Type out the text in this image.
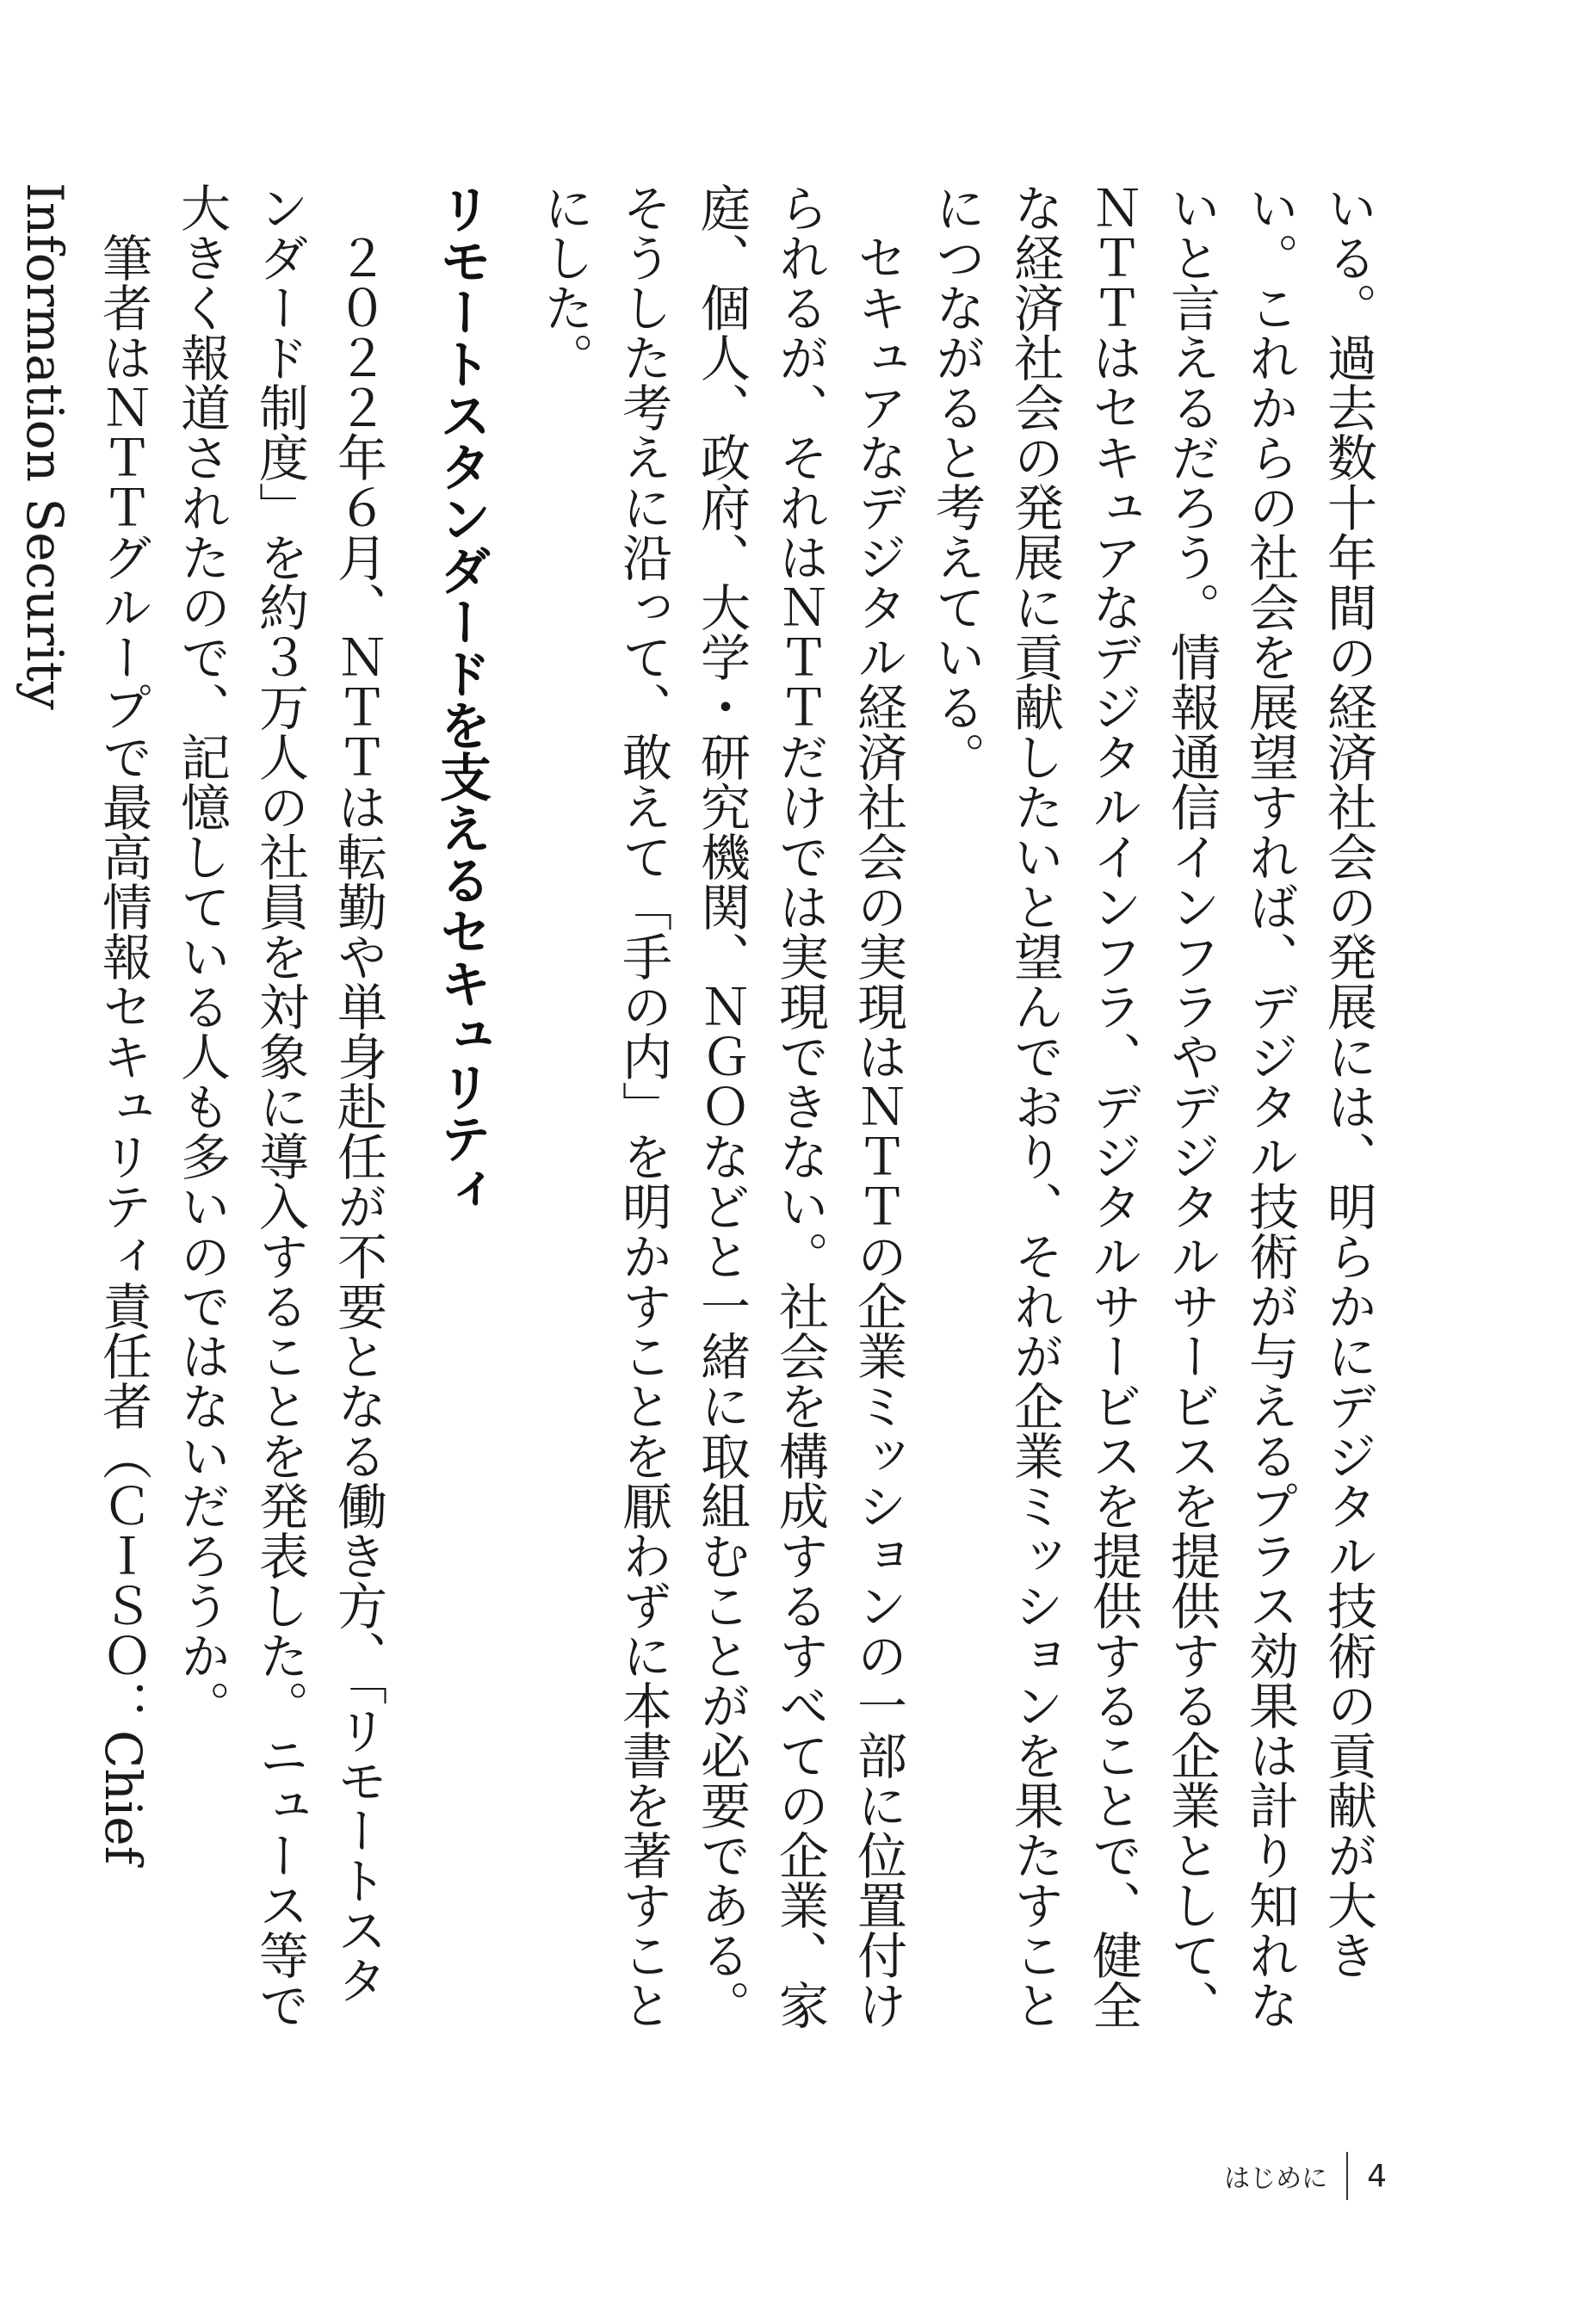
いる。過去数十年間の経済社会の発展には、明らかにデジタル技術の貢献が大きい。これからの社会を展望すれば、デジタル技術が与えるプラス効果は計り知れないと言えるだろう。情報通信インフラやデジタルサービスを提供する企業として、ＮＴＴはセキュアなデジタルインフラ、デジタルサービスを提供することで、健全な経済社会の発展に貢献したいと望んでおり、それが企業ミッションを果たすことにつながると考えている。

セキュアなデジタル経済社会の実現はＮＴＴの企業ミッションの一部に位置付けられるが、それはＮＴＴだけでは実現できない。社会を構成するすべての企業、家庭、個人、政府、大学・研究機関、ＮＧＯなどと一緒に取組むことが必要である。そうした考えに沿って、敢えて「手の内」を明かすことを厭わずに本書を著すことにした。

リモートスタンダードを支えるセキュリティ

２０２２年６月、ＮＴＴは転勤や単身赴任が不要となる働き方、「リモートスタンダード制度」を約３万人の社員を対象に導入することを発表した。ニュース等で大きく報道されたので、記憶している人も多いのではないだろうか。

筆者はＮＴＴグループで最高情報セキュリティ責任者（ＣＩＳＯ：Chief Information Security

はじめに 4
